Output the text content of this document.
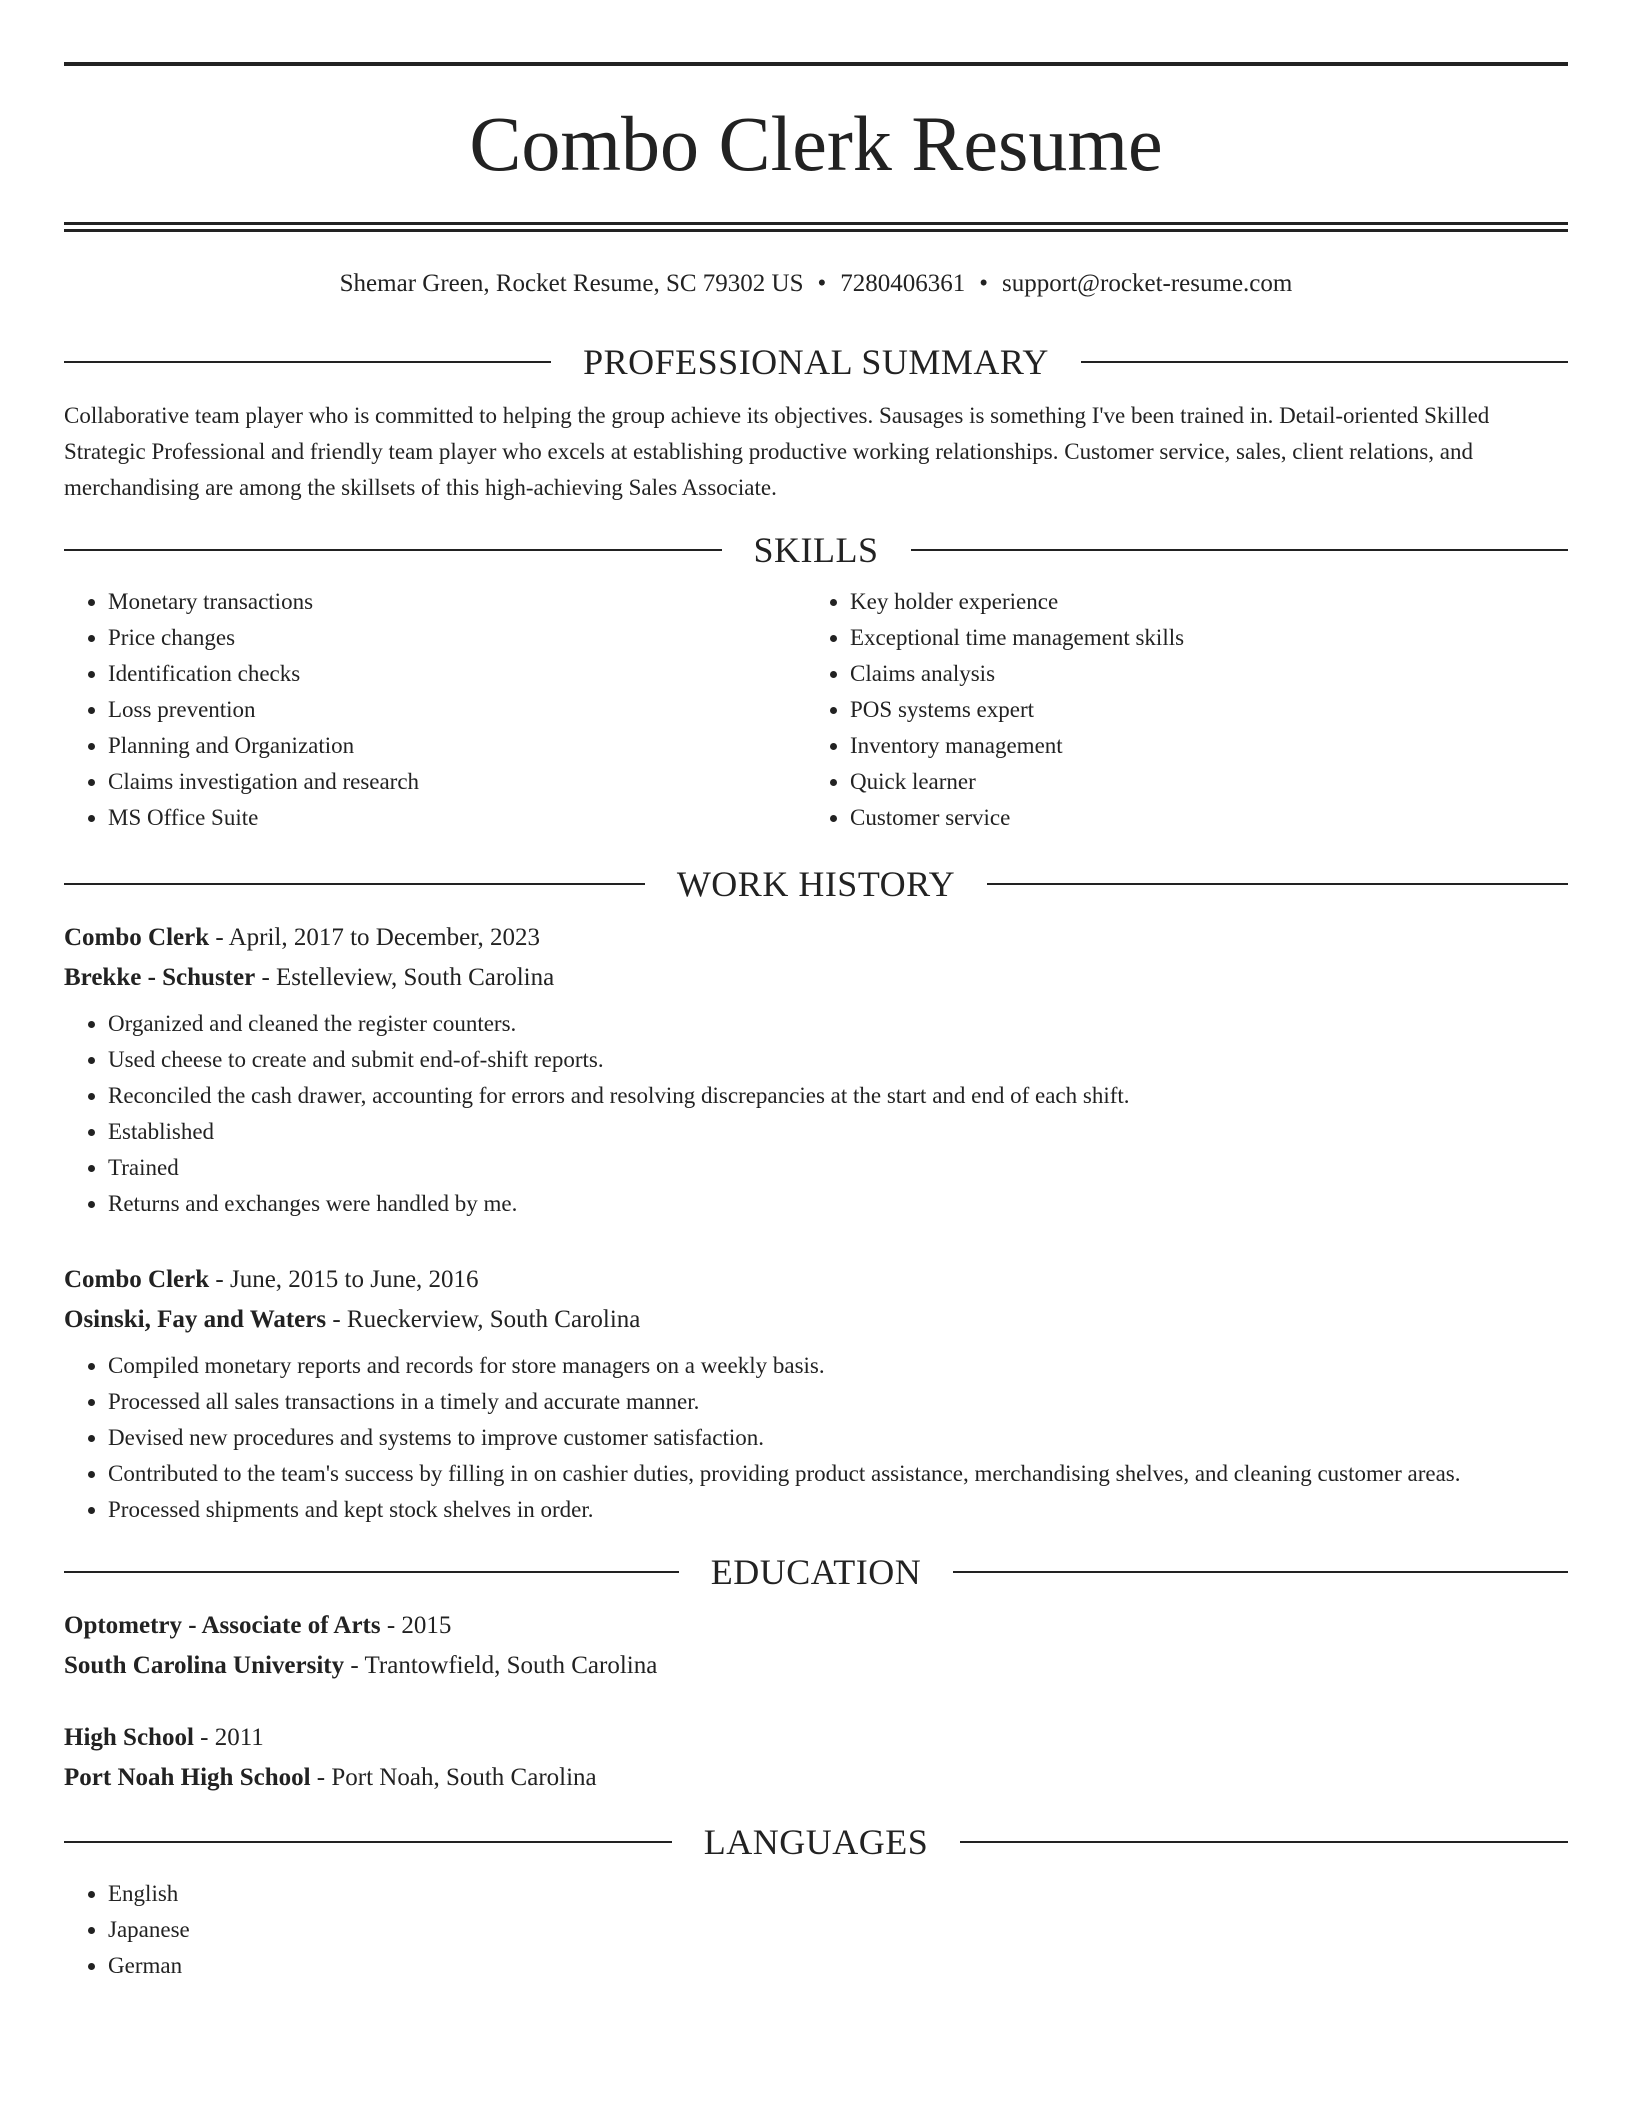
Combo Clerk Resume
Shemar Green, Rocket Resume, SC 79302 US • 7280406361 • support@rocket-resume.com
PROFESSIONAL SUMMARY

Collaborative team player who is committed to helping the group achieve its objectives. Sausages is something I've been trained in. Detail-oriented Skilled Strategic Professional and friendly team player who excels at establishing productive working relationships. Customer service, sales, client relations, and merchandising are among the skillsets of this high-achieving Sales Associate.

SKILLS
• Monetary transactions
• Price changes
• Identification checks
• Loss prevention
• Planning and Organization
• Claims investigation and research
• MS Office Suite
• Key holder experience
• Exceptional time management skills
• Claims analysis
• POS systems expert
• Inventory management
• Quick learner
• Customer service
WORK HISTORY
Combo Clerk - April, 2017 to December, 2023
Brekke - Schuster - Estelleview, South Carolina
• Organized and cleaned the register counters.
• Used cheese to create and submit end-of-shift reports.
• Reconciled the cash drawer, accounting for errors and resolving discrepancies at the start and end of each shift.
• Established
• Trained
• Returns and exchanges were handled by me.
Combo Clerk - June, 2015 to June, 2016
Osinski, Fay and Waters - Rueckerview, South Carolina
• Compiled monetary reports and records for store managers on a weekly basis.
• Processed all sales transactions in a timely and accurate manner.
• Devised new procedures and systems to improve customer satisfaction.
• Contributed to the team's success by filling in on cashier duties, providing product assistance, merchandising shelves, and cleaning customer areas.
• Processed shipments and kept stock shelves in order.
EDUCATION
Optometry - Associate of Arts - 2015
South Carolina University - Trantowfield, South Carolina
High School - 2011
Port Noah High School - Port Noah, South Carolina
LANGUAGES
• English
• Japanese
• German
